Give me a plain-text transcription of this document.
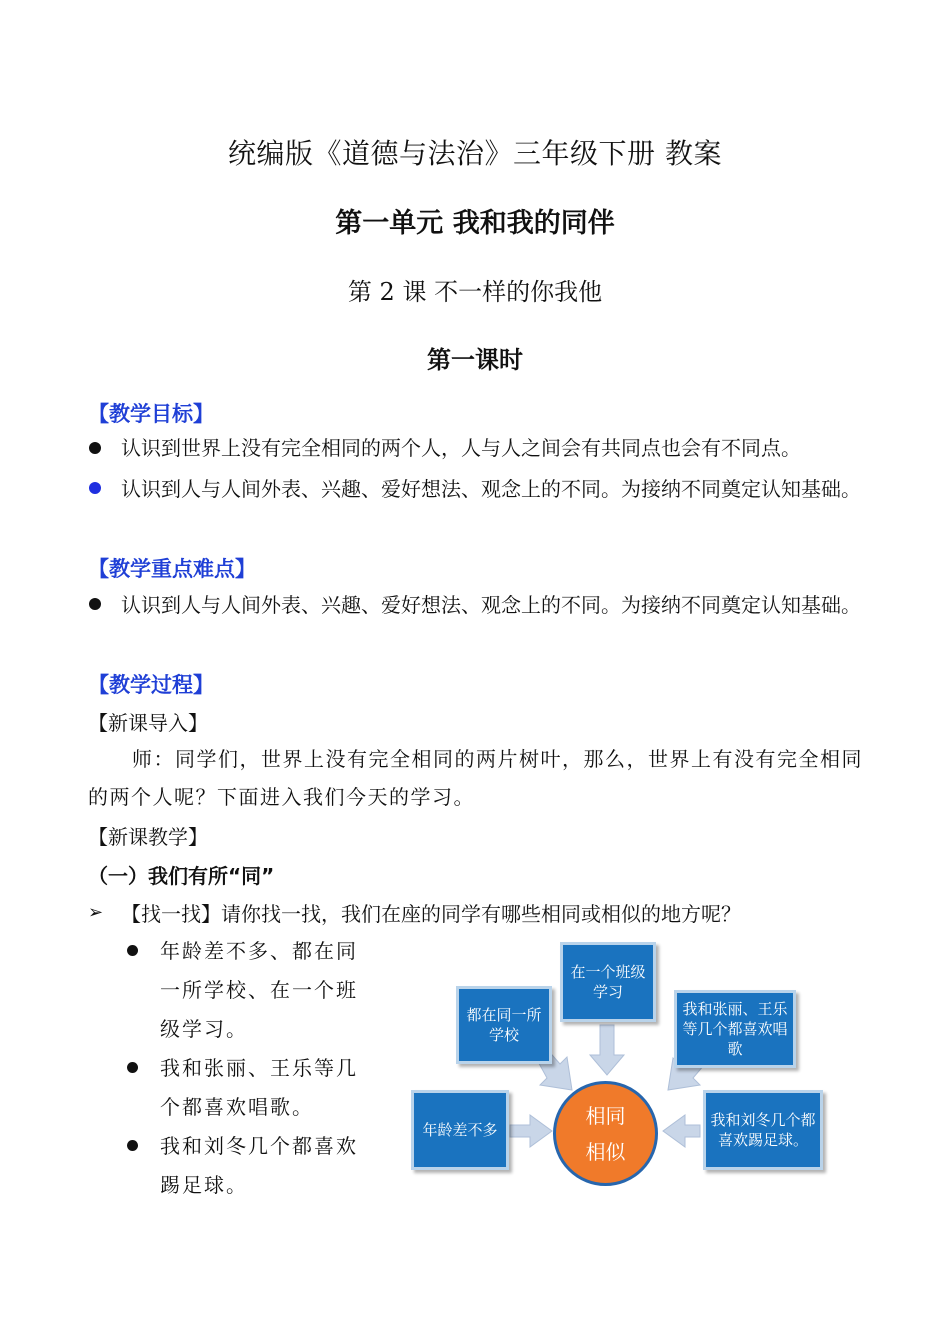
统编版《道德与法治》三年级下册 教案
第一单元 我和我的同伴
第 2 课 不一样的你我他
第一课时
【教学目标】
认识到世界上没有完全相同的两个人，人与人之间会有共同点也会有不同点。
认识到人与人间外表、兴趣、爱好想法、观念上的不同。为接纳不同奠定认知基础。
【教学重点难点】
认识到人与人间外表、兴趣、爱好想法、观念上的不同。为接纳不同奠定认知基础。
【教学过程】
【新课导入】
师：同学们，世界上没有完全相同的两片树叶，那么，世界上有没有完全相同的两个人呢？下面进入我们今天的学习。
【新课教学】
（一）我们有所“同”
➢ 【找一找】请你找一找，我们在座的同学有哪些相同或相似的地方呢？
年龄差不多、都在同一所学校、在一个班级学习。
我和张丽、王乐等几个都喜欢唱歌。
我和刘冬几个都喜欢踢足球。
在一个班级学习
都在同一所学校
我和张丽、王乐等几个都喜欢唱歌
年龄差不多
我和刘冬几个都喜欢踢足球。
相同
相似
